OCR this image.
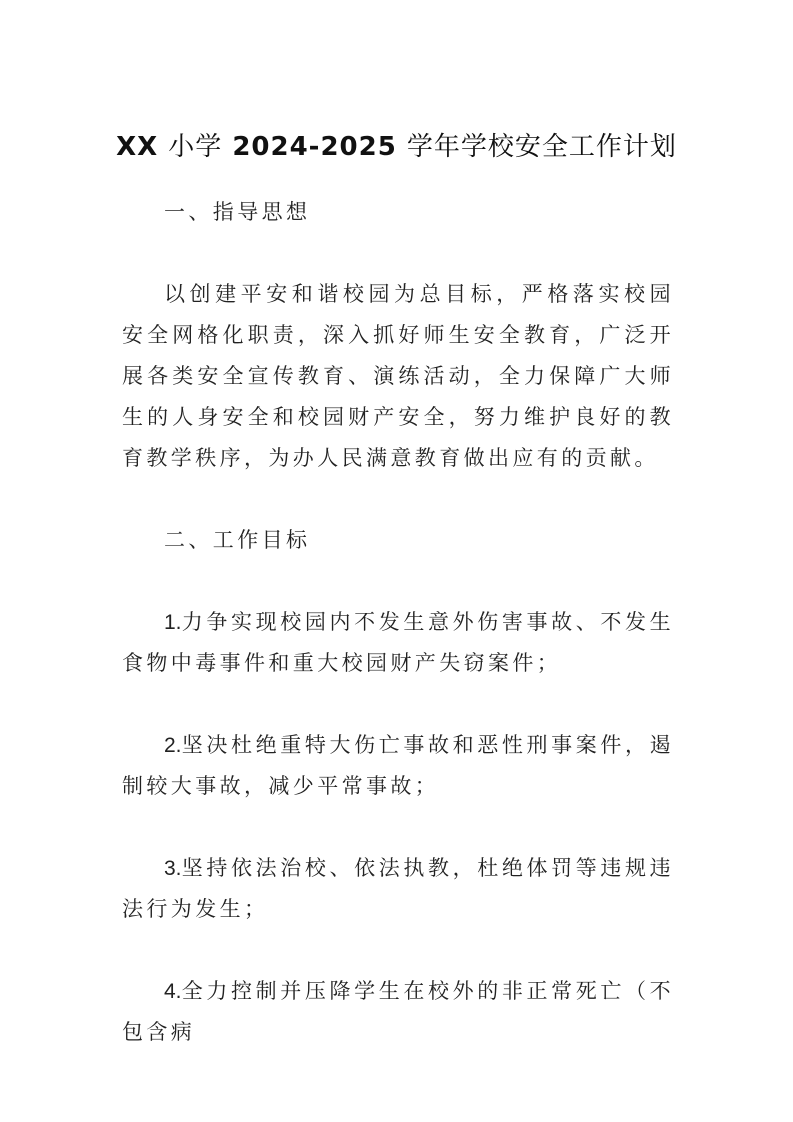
XX 小学 2024-2025 学年学校安全工作计划
一、指导思想
以创建平安和谐校园为总目标，严格落实校园安全网格化职责，深入抓好师生安全教育，广泛开展各类安全宣传教育、演练活动，全力保障广大师生的人身安全和校园财产安全，努力维护良好的教育教学秩序，为办人民满意教育做出应有的贡献。
二、工作目标
1.力争实现校园内不发生意外伤害事故、不发生食物中毒事件和重大校园财产失窃案件；
2.坚决杜绝重特大伤亡事故和恶性刑事案件，遏制较大事故，减少平常事故；
3.坚持依法治校、依法执教，杜绝体罚等违规违法行为发生；
4.全力控制并压降学生在校外的非正常死亡（不包含病
